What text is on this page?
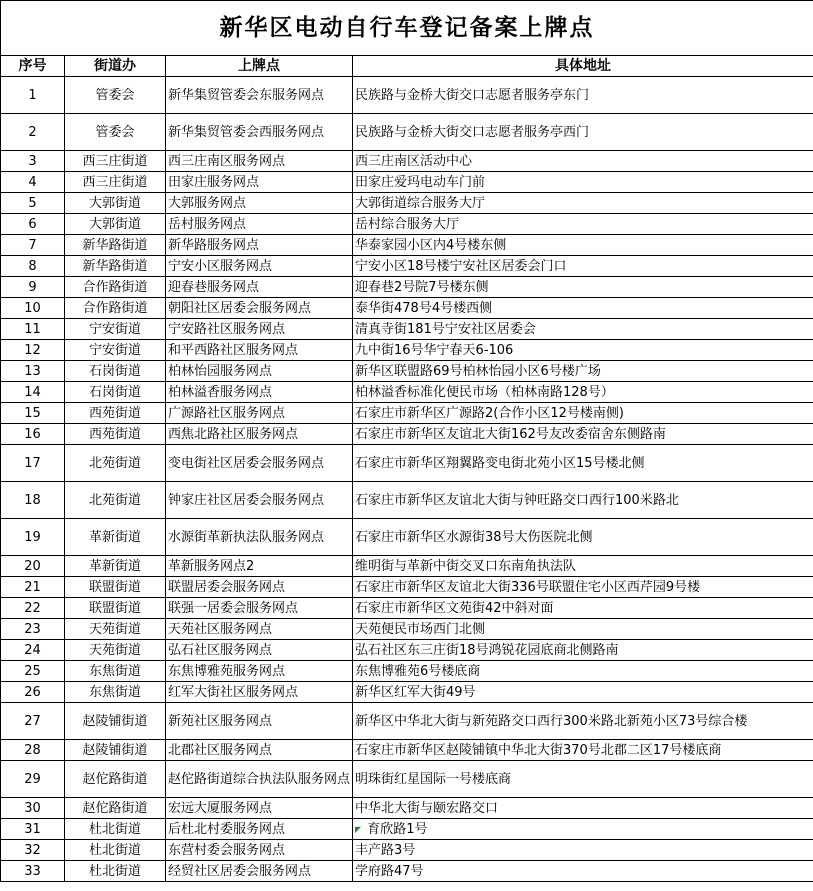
新华区电动自行车登记备案上牌点			
序号	街道办	上牌点	具体地址
1	管委会	新华集贸管委会东服务网点	民族路与金桥大街交口志愿者服务亭东门
2	管委会	新华集贸管委会西服务网点	民族路与金桥大街交口志愿者服务亭西门
3	西三庄街道	西三庄南区服务网点	西三庄南区活动中心
4	西三庄街道	田家庄服务网点	田家庄爱玛电动车门前
5	大郭街道	大郭服务网点	大郭街道综合服务大厅
6	大郭街道	岳村服务网点	岳村综合服务大厅
7	新华路街道	新华路服务网点	华泰家园小区内4号楼东侧
8	新华路街道	宁安小区服务网点	宁安小区18号楼宁安社区居委会门口
9	合作路街道	迎春巷服务网点	迎春巷2号院7号楼东侧
10	合作路街道	朝阳社区居委会服务网点	泰华街478号4号楼西侧
11	宁安街道	宁安路社区服务网点	清真寺街181号宁安社区居委会
12	宁安街道	和平西路社区服务网点	九中街16号华宁春天6-106
13	石岗街道	柏林怡园服务网点	新华区联盟路69号柏林怡园小区6号楼广场
14	石岗街道	柏林溢香服务网点	柏林溢香标准化便民市场（柏林南路128号）
15	西苑街道	广源路社区服务网点	石家庄市新华区广源路2(合作小区12号楼南侧)
16	西苑街道	西焦北路社区服务网点	石家庄市新华区友谊北大街162号友改委宿舍东侧路南
17	北苑街道	变电街社区居委会服务网点	石家庄市新华区翔翼路变电街北苑小区15号楼北侧
18	北苑街道	钟家庄社区居委会服务网点	石家庄市新华区友谊北大街与钟旺路交口西行100米路北
19	革新街道	水源街革新执法队服务网点	石家庄市新华区水源街38号大伤医院北侧
20	革新街道	革新服务网点2	维明街与革新中街交叉口东南角执法队
21	联盟街道	联盟居委会服务网点	石家庄市新华区友谊北大街336号联盟住宅小区西芹园9号楼
22	联盟街道	联强一居委会服务网点	石家庄市新华区文苑街42中斜对面
23	天苑街道	天苑社区服务网点	天苑便民市场西门北侧
24	天苑街道	弘石社区服务网点	弘石社区东三庄街18号鸿锐花园底商北侧路南
25	东焦街道	东焦博雅苑服务网点	东焦博雅苑6号楼底商
26	东焦街道	红军大街社区服务网点	新华区红军大街49号
27	赵陵铺街道	新苑社区服务网点	新华区中华北大街与新苑路交口西行300米路北新苑小区73号综合楼
28	赵陵铺街道	北郡社区服务网点	石家庄市新华区赵陵铺镇中华北大街370号北郡二区17号楼底商
29	赵佗路街道	赵佗路街道综合执法队服务网点	明珠街红星国际一号楼底商
30	赵佗路街道	宏远大厦服务网点	中华北大街与颐宏路交口
31	杜北街道	后杜北村委服务网点	◤ 育欣路1号
32	杜北街道	东营村委会服务网点	丰产路3号
33	杜北街道	经贸社区居委会服务网点	学府路47号
